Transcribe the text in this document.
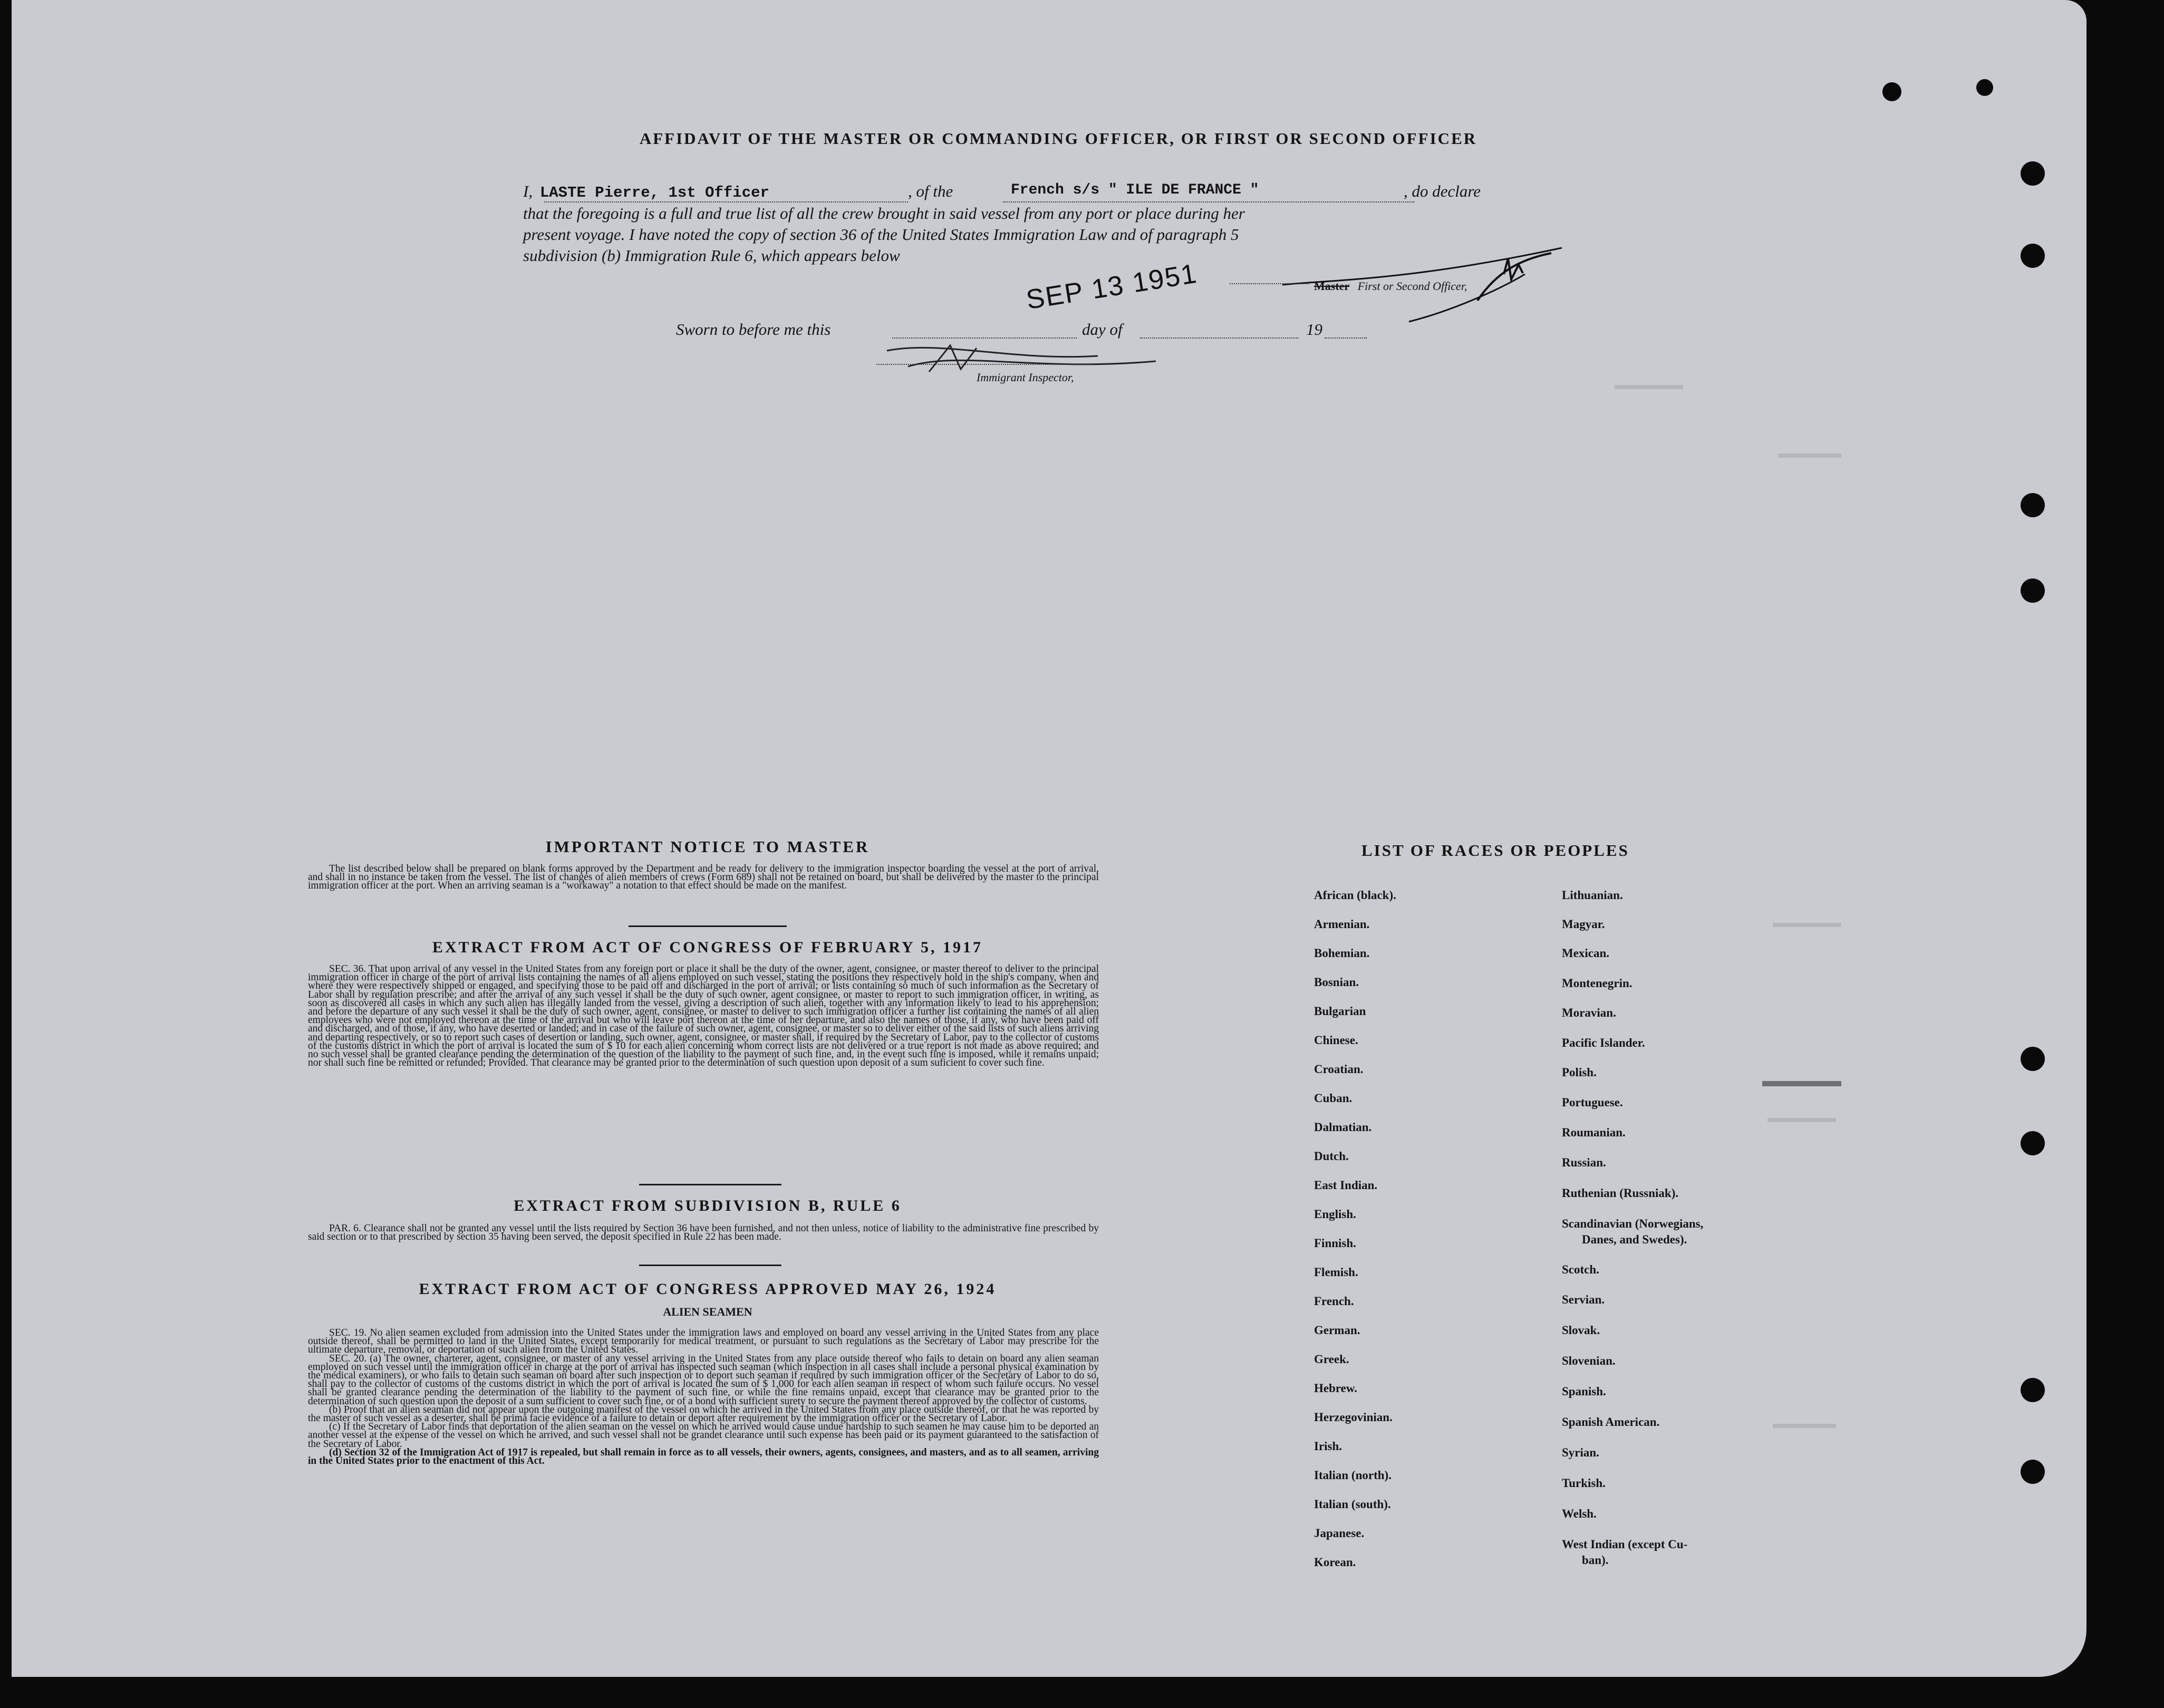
AFFIDAVIT OF THE MASTER OR COMMANDING OFFICER, OR FIRST OR SECOND OFFICER
I, LASTE Pierre, 1st Officer	, of the	French s/s " ILE DE FRANCE "	, do declare
that the foregoing is a full and true list of all the crew brought in said vessel from any port or place during her
present voyage. I have noted the copy of section 36 of the United States Immigration Law and of paragraph 5
subdivision (b) Immigration Rule 6, which appears below
Master First or Second Officer,
SEP 13 1951
Sworn to before me this	day of	19
Immigrant Inspector,
IMPORTANT NOTICE TO MASTER

The list described below shall be prepared on blank forms approved by the Department and be ready for delivery to the immigration inspector boarding the vessel at the port of arrival, and shall in no instance be taken from the vessel. The list of changes of alien members of crews (Form 689) shall not be retained on board, but shall be delivered by the master to the principal immigration officer at the port. When an arriving seaman is a "workaway" a notation to that effect should be made on the manifest.

EXTRACT FROM ACT OF CONGRESS OF FEBRUARY 5, 1917

SEC. 36. That upon arrival of any vessel in the United States from any foreign port or place it shall be the duty of the owner, agent, consignee, or master thereof to deliver to the principal immigration officer in charge of the port of arrival lists containing the names of all aliens employed on such vessel, stating the positions they respectively hold in the ship's company, when and where they were respectively shipped or engaged, and specifying those to be paid off and discharged in the port of arrival; or lists containing so much of such information as the Secretary of Labor shall by regulation prescribe; and after the arrival of any such vessel it shall be the duty of such owner, agent consignee, or master to report to such immigration officer, in writing, as soon as discovered all cases in which any such alien has illegally landed from the vessel, giving a description of such alien, together with any information likely to lead to his apprehension; and before the departure of any such vessel it shall be the duty of such owner, agent, consignee, or master to deliver to such immigration officer a further list containing the names of all alien employees who were not employed thereon at the time of the arrival but who will leave port thereon at the time of her departure, and also the names of those, if any, who have been paid off and discharged, and of those, if any, who have deserted or landed; and in case of the failure of such owner, agent, consignee, or master so to deliver either of the said lists of such aliens arriving and departing respectively, or so to report such cases of desertion or landing, such owner, agent, consignee, or master shall, if required by the Secretary of Labor, pay to the collector of customs of the customs district in which the port of arrival is located the sum of $ 10 for each alien concerning whom correct lists are not delivered or a true report is not made as above required; and no such vessel shall be granted clearance pending the determination of the question of the liability to the payment of such fine, and, in the event such fine is imposed, while it remains unpaid; nor shall such fine be remitted or refunded; Provided. That clearance may be granted prior to the determination of such question upon deposit of a sum suficient to cover such fine.

EXTRACT FROM SUBDIVISION B, RULE 6

PAR. 6. Clearance shall not be granted any vessel until the lists required by Section 36 have been furnished, and not then unless, notice of liability to the administrative fine prescribed by said section or to that prescribed by section 35 having been served, the deposit specified in Rule 22 has been made.

EXTRACT FROM ACT OF CONGRESS APPROVED MAY 26, 1924
ALIEN SEAMEN

SEC. 19. No alien seamen excluded from admission into the United States under the immigration laws and employed on board any vessel arriving in the United States from any place outside thereof, shall be permitted to land in the United States, except temporarily for medical treatment, or pursuant to such regulations as the Secretary of Labor may prescribe for the ultimate departure, removal, or deportation of such alien from the United States.

SEC. 20. (a) The owner, charterer, agent, consignee, or master of any vessel arriving in the United States from any place outside thereof who fails to detain on board any alien seaman employed on such vessel until the immigration officer in charge at the port of arrival has inspected such seaman (which inspection in all cases shall include a personal physical examination by the medical examiners), or who fails to detain such seaman on board after such inspection or to deport such seaman if required by such immigration officer or the Secretary of Labor to do so, shall pay to the collector of customs of the customs district in which the port of arrival is located the sum of $ 1,000 for each alien seaman in respect of whom such failure occurs. No vessel shall be granted clearance pending the determination of the liability to the payment of such fine, or while the fine remains unpaid, except that clearance may be granted prior to the determination of such question upon the deposit of a sum sufficient to cover such fine, or of a bond with sufficient surety to secure the payment thereof approved by the collector of customs.

(b) Proof that an alien seaman did not appear upon the outgoing manifest of the vessel on which he arrived in the United States from any place outside thereof, or that he was reported by the master of such vessel as a deserter, shall be prima facie evidence of a failure to detain or deport after requirement by the immigration officer or the Secretary of Labor.

(c) If the Secretary of Labor finds that deportation of the alien seaman on the vessel on which he arrived would cause undue hardship to such seamen he may cause him to be deported an another vessel at the expense of the vessel on which he arrived, and such vessel shall not be grandet clearance until such expense has been paid or its payment guaranteed to the satisfaction of the Secretary of Labor.

(d) Section 32 of the Immigration Act of 1917 is repealed, but shall remain in force as to all vessels, their owners, agents, consignees, and masters, and as to all seamen, arriving in the United States prior to the enactment of this Act.

LIST OF RACES OR PEOPLES
African (black).
Armenian.
Bohemian.
Bosnian.
Bulgarian
Chinese.
Croatian.
Cuban.
Dalmatian.
Dutch.
East Indian.
English.
Finnish.
Flemish.
French.
German.
Greek.
Hebrew.
Herzegovinian.
Irish.
Italian (north).
Italian (south).
Japanese.
Korean.
Lithuanian.
Magyar.
Mexican.
Montenegrin.
Moravian.
Pacific Islander.
Polish.
Portuguese.
Roumanian.
Russian.
Ruthenian (Russniak).
Scandinavian (Norwegians,
Danes, and Swedes).
Scotch.
Servian.
Slovak.
Slovenian.
Spanish.
Spanish American.
Syrian.
Turkish.
Welsh.
West Indian (except Cu-
ban).
